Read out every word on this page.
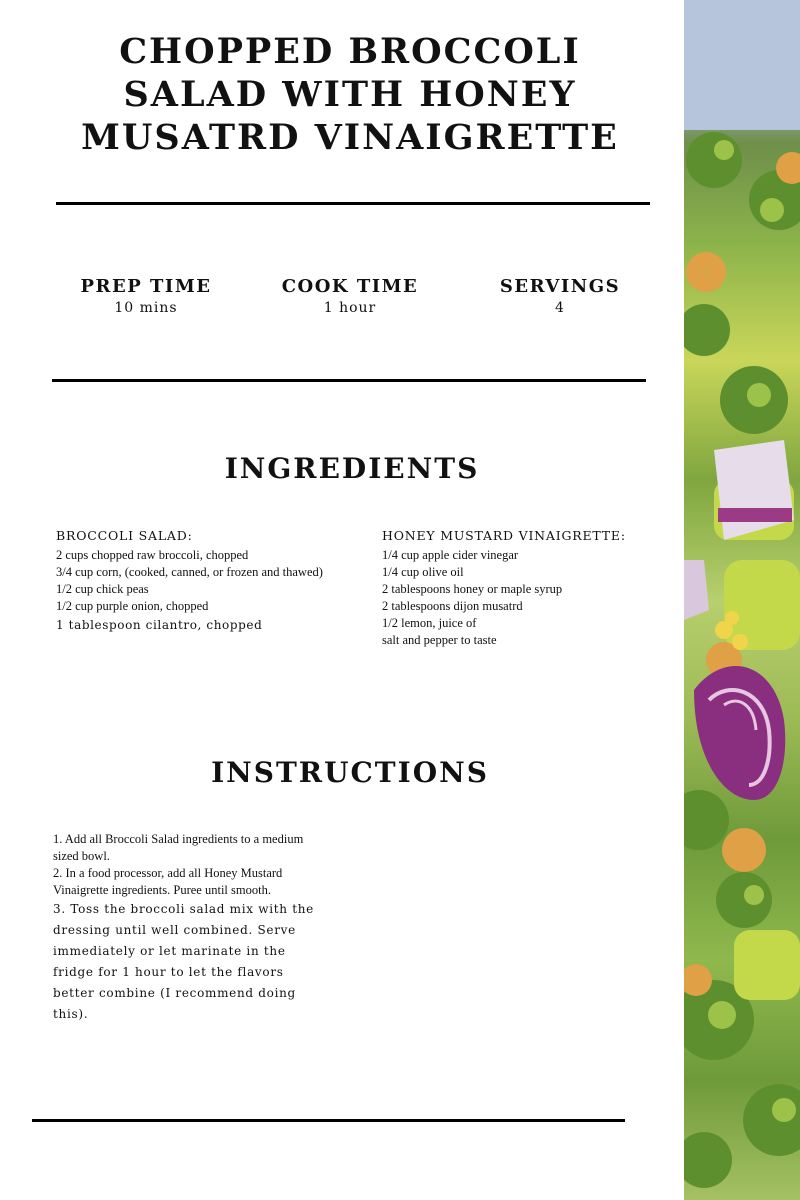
CHOPPED BROCCOLI SALAD WITH HONEY MUSATRD VINAIGRETTE
PREP TIME
10 mins
COOK TIME
1 hour
SERVINGS
4
INGREDIENTS
BROCCOLI SALAD:
2 cups chopped raw broccoli, chopped
3/4 cup corn, (cooked, canned, or frozen and thawed)
1/2 cup chick peas
1/2 cup purple onion, chopped
1 tablespoon cilantro, chopped
HONEY MUSTARD VINAIGRETTE:
1/4 cup apple cider vinegar
1/4 cup olive oil
2 tablespoons honey or maple syrup
2 tablespoons dijon musatrd
1/2 lemon, juice of
salt and pepper to taste
INSTRUCTIONS
1. Add all Broccoli Salad ingredients to a medium sized bowl.
2. In a food processor, add all Honey Mustard Vinaigrette ingredients. Puree until smooth.
3. Toss the broccoli salad mix with the dressing until well combined. Serve immediately or let marinate in the fridge for 1 hour to let the flavors better combine (I recommend doing this).
